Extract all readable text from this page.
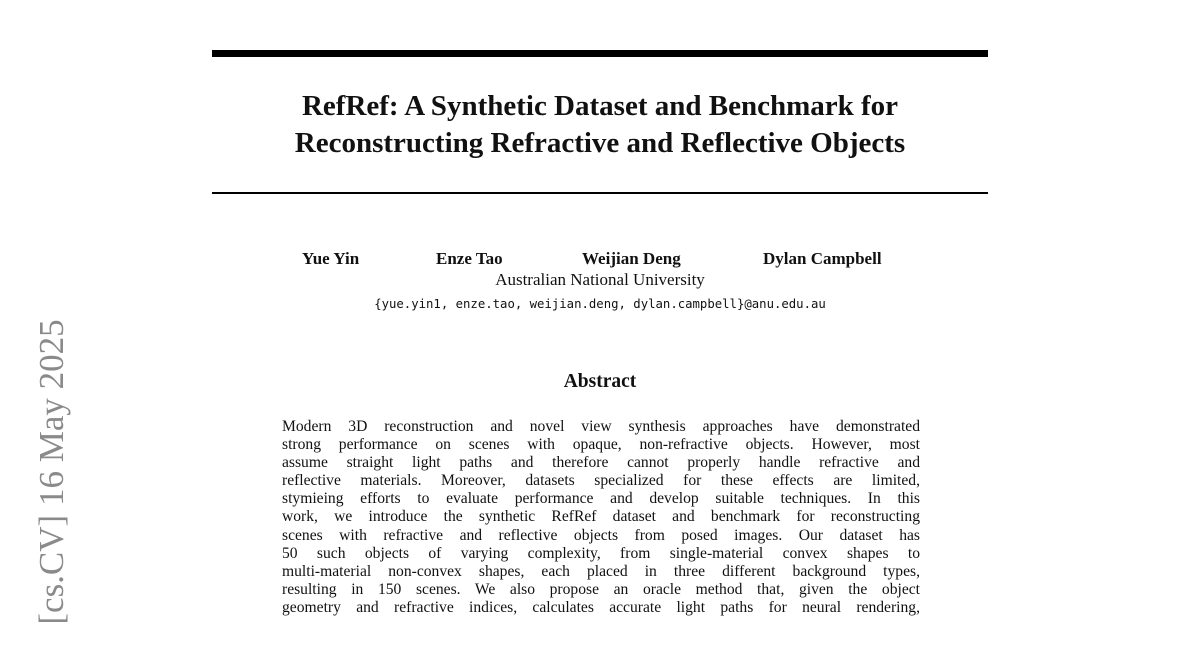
RefRef: A Synthetic Dataset and Benchmark for
Reconstructing Refractive and Reflective Objects
Yue Yin	Enze Tao	Weijian Deng	Dylan Campbell
Australian National University
{yue.yin1, enze.tao, weijian.deng, dylan.campbell}@anu.edu.au
Abstract
Modern 3D reconstruction and novel view synthesis approaches have demonstrated
strong performance on scenes with opaque, non-refractive objects. However, most
assume straight light paths and therefore cannot properly handle refractive and
reflective materials. Moreover, datasets specialized for these effects are limited,
stymieing efforts to evaluate performance and develop suitable techniques. In this
work, we introduce the synthetic RefRef dataset and benchmark for reconstructing
scenes with refractive and reflective objects from posed images. Our dataset has
50 such objects of varying complexity, from single-material convex shapes to
multi-material non-convex shapes, each placed in three different background types,
resulting in 150 scenes. We also propose an oracle method that, given the object
geometry and refractive indices, calculates accurate light paths for neural rendering,
[cs.CV] 16 May 2025
